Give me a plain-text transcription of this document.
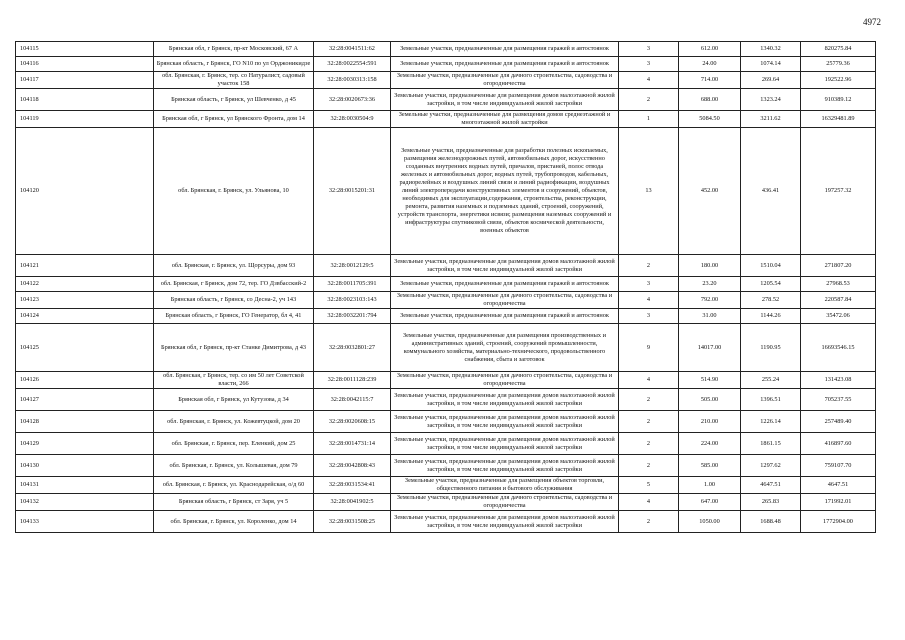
4972
104115	Брянская обл, г Брянск, пр-кт Московский, 67 А	32:28:0041511:62	Земельные участки, предназначенные для размещения гаражей и автостоянок	3	612.00	1340.32	820275.84
104116	Брянская область, г Брянск, ГО N10 по ул Орджоникидзе	32:28:0022554:591	Земельные участки, предназначенные для размещения гаражей и автостоянок	3	24.00	1074.14	25779.36
104117	обл. Брянская, г. Брянск, тер. со Натуралист, садовый участок 158	32:28:0030313:158	Земельные участки, предназначенные для дачного строительства, садоводства и огородничества	4	714.00	269.64	192522.96
104118	Брянская область, г Брянск, ул Шевченко, д 45	32:28:0020673:36	Земельные участки, предназначенные для размещения домов малоэтажной жилой застройки, в том числе индивидуальной жилой застройки	2	688.00	1323.24	910389.12
104119	Брянская обл, г Брянск, ул Брянского Фронта, дом 14	32:28:0030504:9	Земельные участки, предназначенные для размещения домов среднеэтажной и многоэтажной жилой застройки	1	5084.50	3211.62	16329481.89
104120	обл. Брянская, г. Брянск, ул. Ульянова, 10	32:28:0015201:31	Земельные участки, предназначенные для разработки полезных ископаемых, размещения железнодорожных путей, автомобильных дорог, искусственно созданных внутренних водных путей, причалов, пристаней, полос отвода железных и автомобильных дорог, водных путей, трубопроводов, кабельных, радиорелейных и воздушных линий связи и линий радиофикации, воздушных линий электропередачи конструктивных элементов и сооружений, объектов, необходимых для эксплуатации,содержания, строительства, реконструкции, ремонта, развития наземных и подземных зданий, строений, сооружений, устройств транспорта, энергетики исвязи; размещения наземных сооружений и инфраструктуры спутниковой связи, объектов космической деятельности, военных объектов	13	452.00	436.41	197257.32
104121	обл. Брянская, г. Брянск, ул. Щорсуры, дом 93	32:28:0012129:5	Земельные участки, предназначенные для размещения домов малоэтажной жилой застройки, в том числе индивидуальной жилой застройки	2	180.00	1510.04	271807.20
104122	обл. Брянская, г Брянск, дом 72, тер. ГО Дзвбасский-2	32:28:0011705:391	Земельные участки, предназначенные для размещения гаражей и автостоянок	3	23.20	1205.54	27968.53
104123	Брянская область, г Брянск, со Десна-2, уч 143	32:28:0023103:143	Земельные участки, предназначенные для дачного строительства, садоводства и огородничества	4	792.00	278.52	220587.84
104124	Брянская область, г Брянск, ГО Генератор, бл 4, 41	32:28:0032201:794	Земельные участки, предназначенные для размещения гаражей и автостоянок	3	31.00	1144.26	35472.06
104125	Брянская обл, г Брянск, пр-кт Станке Димитрова, д 43	32:28:0032801:27	Земельные участки, предназначенные для размещения производственных и административных зданий, строений, сооружений промышленности, коммунального хозяйства, материально-технического, продовольственного снабжения, сбыта и заготовок	9	14017.00	1190.95	16693546.15
104126	обл. Брянская, г Брянск, тер. со им 50 лет Советской власти, 266	32:28:0011128:239	Земельные участки, предназначенные для дачного строительства, садоводства и огородничества	4	514.90	255.24	131423.08
104127	Брянская обл, г Брянск, ул Кутузова, д 34	32:28:0042115:7	Земельные участки, предназначенные для размещения домов малоэтажной жилой застройки, в том числе индивидуальной жилой застройки	2	505.00	1396.51	705237.55
104128	обл. Брянская, г. Брянск, ул. Кожевтуцкой, дом 20	32:28:0020608:15	Земельные участки, предназначенные для размещения домов малоэтажной жилой застройки, в том числе индивидуальной жилой застройки	2	210.00	1226.14	257489.40
104129	обл. Брянская, г. Брянск, пер. Еленкий, дом 25	32:28:0014731:14	Земельные участки, предназначенные для размещения домов малоэтажной жилой застройки, в том числе индивидуальной жилой застройки	2	224.00	1861.15	416897.60
104130	обл. Брянская, г. Брянск, ул. Колышевая, дом 79	32:28:0042808:43	Земельные участки, предназначенные для размещения домов малоэтажной жилой застройки, в том числе индивидуальной жилой застройки	2	585.00	1297.62	759107.70
104131	обл. Брянская, г. Брянск, ул. Краснодарейская, о/д 60	32:28:0031534:41	Земельные участки, предназначенные для размещения объектов торговли, общественного питания и бытового обслуживания	5	1.00	4647.51	4647.51
104132	Брянская область, г Брянск, ст Заря, уч 5	32:28:0041902:5	Земельные участки, предназначенные для дачного строительства, садоводства и огородничества	4	647.00	265.83	171992.01
104133	обл. Брянская, г. Брянск, ул. Короленко, дом 14	32:28:0031508:25	Земельные участки, предназначенные для размещения домов малоэтажной жилой застройки, в том числе индивидуальной жилой застройки	2	1050.00	1688.48	1772904.00
